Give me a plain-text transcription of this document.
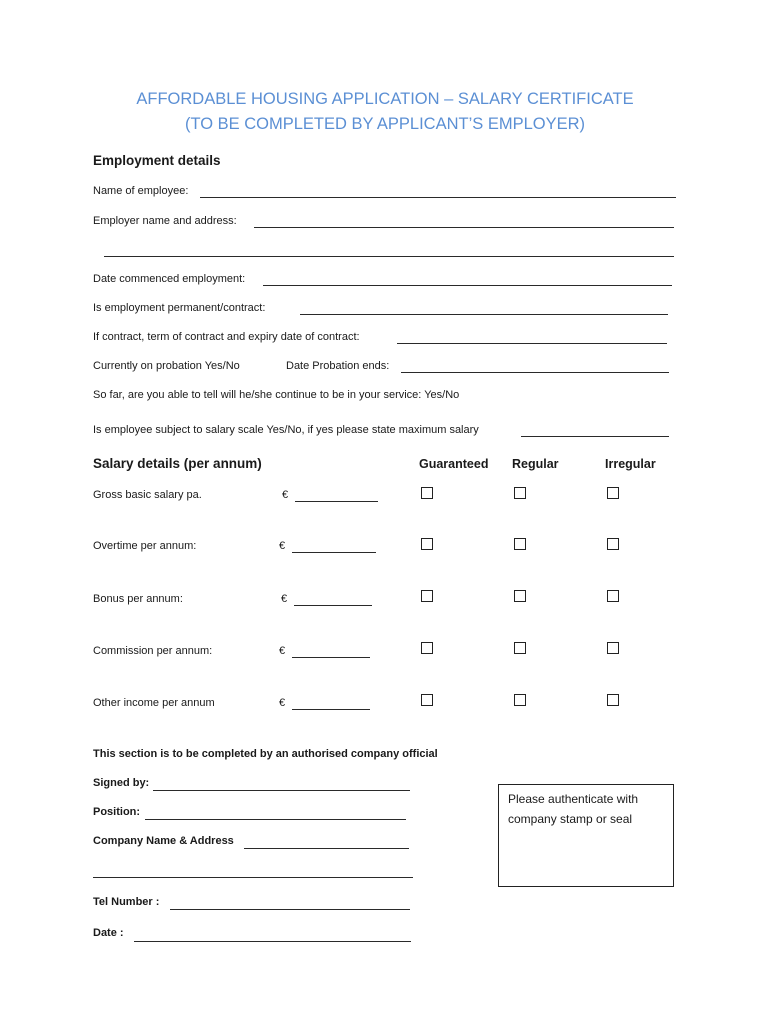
AFFORDABLE HOUSING APPLICATION – SALARY CERTIFICATE
(TO BE COMPLETED BY APPLICANT’S EMPLOYER)
Employment details
Name of employee:
Employer name and address:
Date commenced employment:
Is employment permanent/contract:
If contract, term of contract and expiry date of contract:
Currently on probation Yes/No	Date Probation ends:
So far, are you able to tell will he/she continue to be in your service: Yes/No
Is employee subject to salary scale Yes/No, if yes please state maximum salary
Salary details (per annum)	Guaranteed Regular	Irregular
Gross basic salary pa.	€
Overtime per annum:	€
Bonus per annum:	€
Commission per annum:	€
Other income per annum	€
This section is to be completed by an authorised company official
Signed by:
Position:
Company Name & Address
Tel Number :
Date :
Please authenticate with
company stamp or seal
